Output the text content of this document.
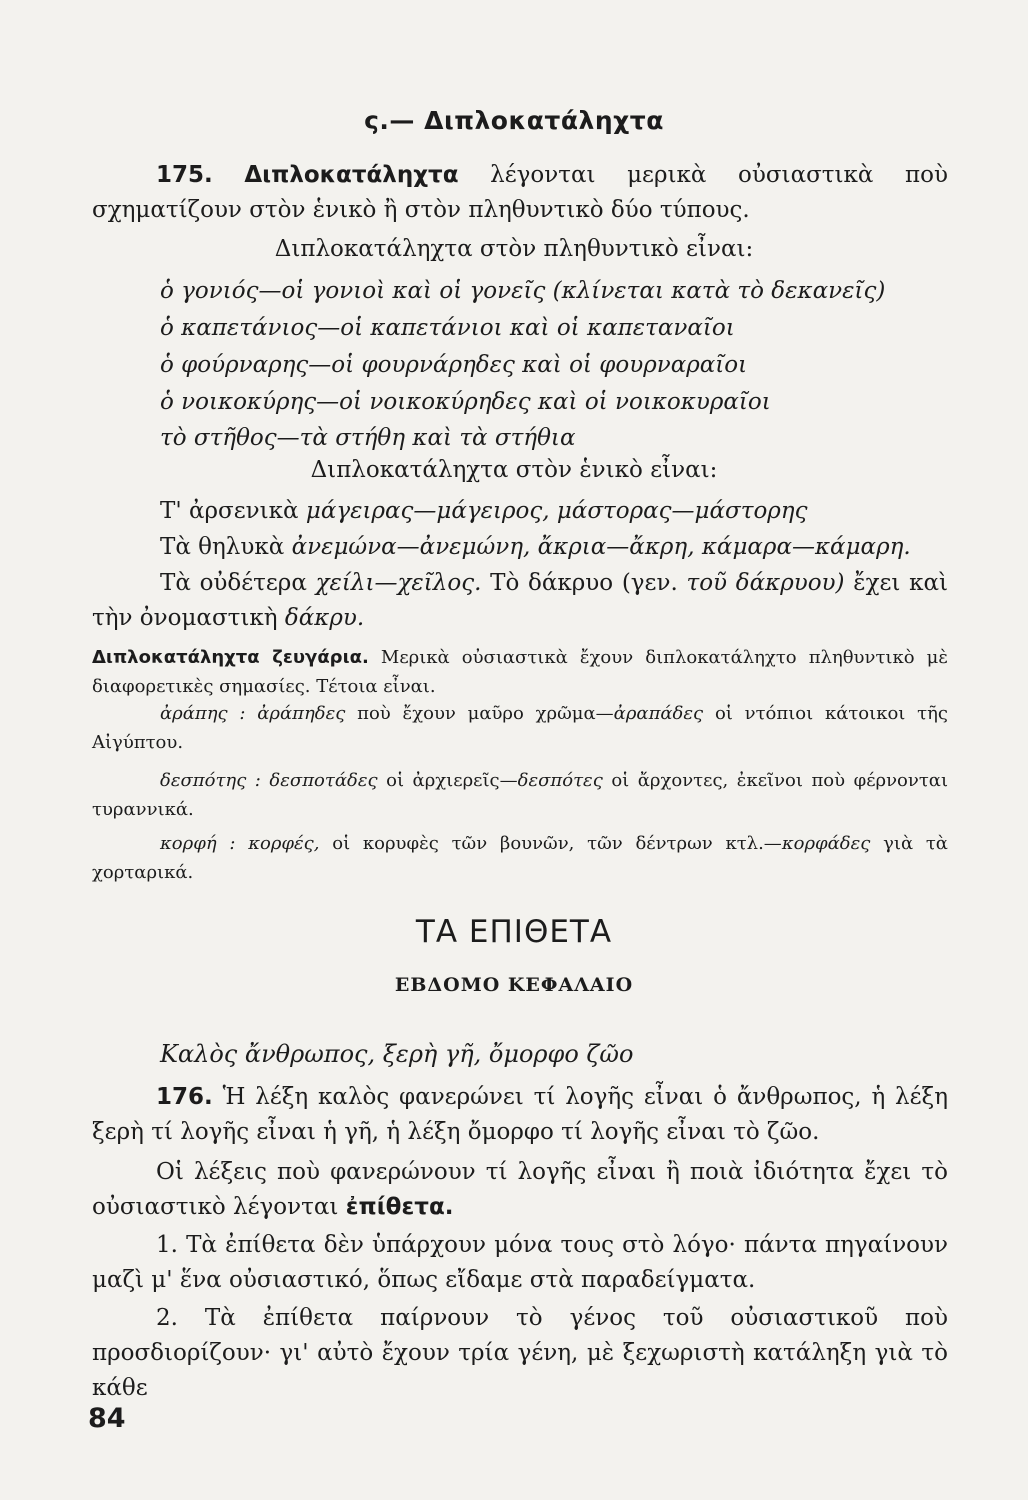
ς.— Διπλοκατάληχτα
175. Διπλοκατάληχτα λέγονται μερικὰ οὐσιαστικὰ ποὺ σχηματίζουν στὸν ἑνικὸ ἢ στὸν πληθυντικὸ δύο τύπους.
Διπλοκατάληχτα στὸν πληθυντικὸ εἶναι:
ὁ γονιός—οἱ γονιοὶ καὶ οἱ γονεῖς (κλίνεται κατὰ τὸ δεκανεῖς)
ὁ καπετάνιος—οἱ καπετάνιοι καὶ οἱ καπεταναῖοι
ὁ φούρναρης—οἱ φουρνάρηδες καὶ οἱ φουρναραῖοι
ὁ νοικοκύρης—οἱ νοικοκύρηδες καὶ οἱ νοικοκυραῖοι
τὸ στῆθος—τὰ στήθη καὶ τὰ στήθια
Διπλοκατάληχτα στὸν ἑνικὸ εἶναι:
Τ' ἀρσενικὰ μάγειρας—μάγειρος, μάστορας—μάστορης
Τὰ θηλυκὰ ἀνεμώνα—ἀνεμώνη, ἄκρια—ἄκρη, κάμαρα—κάμαρη.
Τὰ οὐδέτερα χείλι—χεῖλος. Τὸ δάκρυο (γεν. τοῦ δάκρυου) ἔχει καὶ τὴν ὀνομαστικὴ δάκρυ.
Διπλοκατάληχτα ζευγάρια. Μερικὰ οὐσιαστικὰ ἔχουν διπλοκατάληχτο πληθυντικὸ μὲ διαφορετικὲς σημασίες. Τέτοια εἶναι.
ἀράπης : ἀράπηδες ποὺ ἔχουν μαῦρο χρῶμα—ἀραπάδες οἱ ντόπιοι κάτοικοι τῆς Αἰγύπτου.
δεσπότης : δεσποτάδες οἱ ἀρχιερεῖς—δεσπότες οἱ ἄρχοντες, ἐκεῖνοι ποὺ φέρνονται τυραννικά.
κορφή : κορφές, οἱ κορυφὲς τῶν βουνῶν, τῶν δέντρων κτλ.—κορφάδες γιὰ τὰ χορταρικά.
ΤΑ ΕΠΙΘΕΤΑ
ΕΒΔΟΜΟ ΚΕΦΑΛΑΙΟ
Καλὸς ἄνθρωπος, ξερὴ γῆ, ὄμορφο ζῶο
176. Ἡ λέξη καλὸς φανερώνει τί λογῆς εἶναι ὁ ἄνθρωπος, ἡ λέξη ξερὴ τί λογῆς εἶναι ἡ γῆ, ἡ λέξη ὄμορφο τί λογῆς εἶναι τὸ ζῶο.
Οἱ λέξεις ποὺ φανερώνουν τί λογῆς εἶναι ἢ ποιὰ ἰδιότητα ἔχει τὸ οὐσιαστικὸ λέγονται ἐπίθετα.
1. Τὰ ἐπίθετα δὲν ὑπάρχουν μόνα τους στὸ λόγο· πάντα πηγαίνουν μαζὶ μ' ἕνα οὐσιαστικό, ὅπως εἴδαμε στὰ παραδείγματα.
2. Τὰ ἐπίθετα παίρνουν τὸ γένος τοῦ οὐσιαστικοῦ ποὺ προσδιορίζουν· γι' αὐτὸ ἔχουν τρία γένη, μὲ ξεχωριστὴ κατάληξη γιὰ τὸ κάθε
84
